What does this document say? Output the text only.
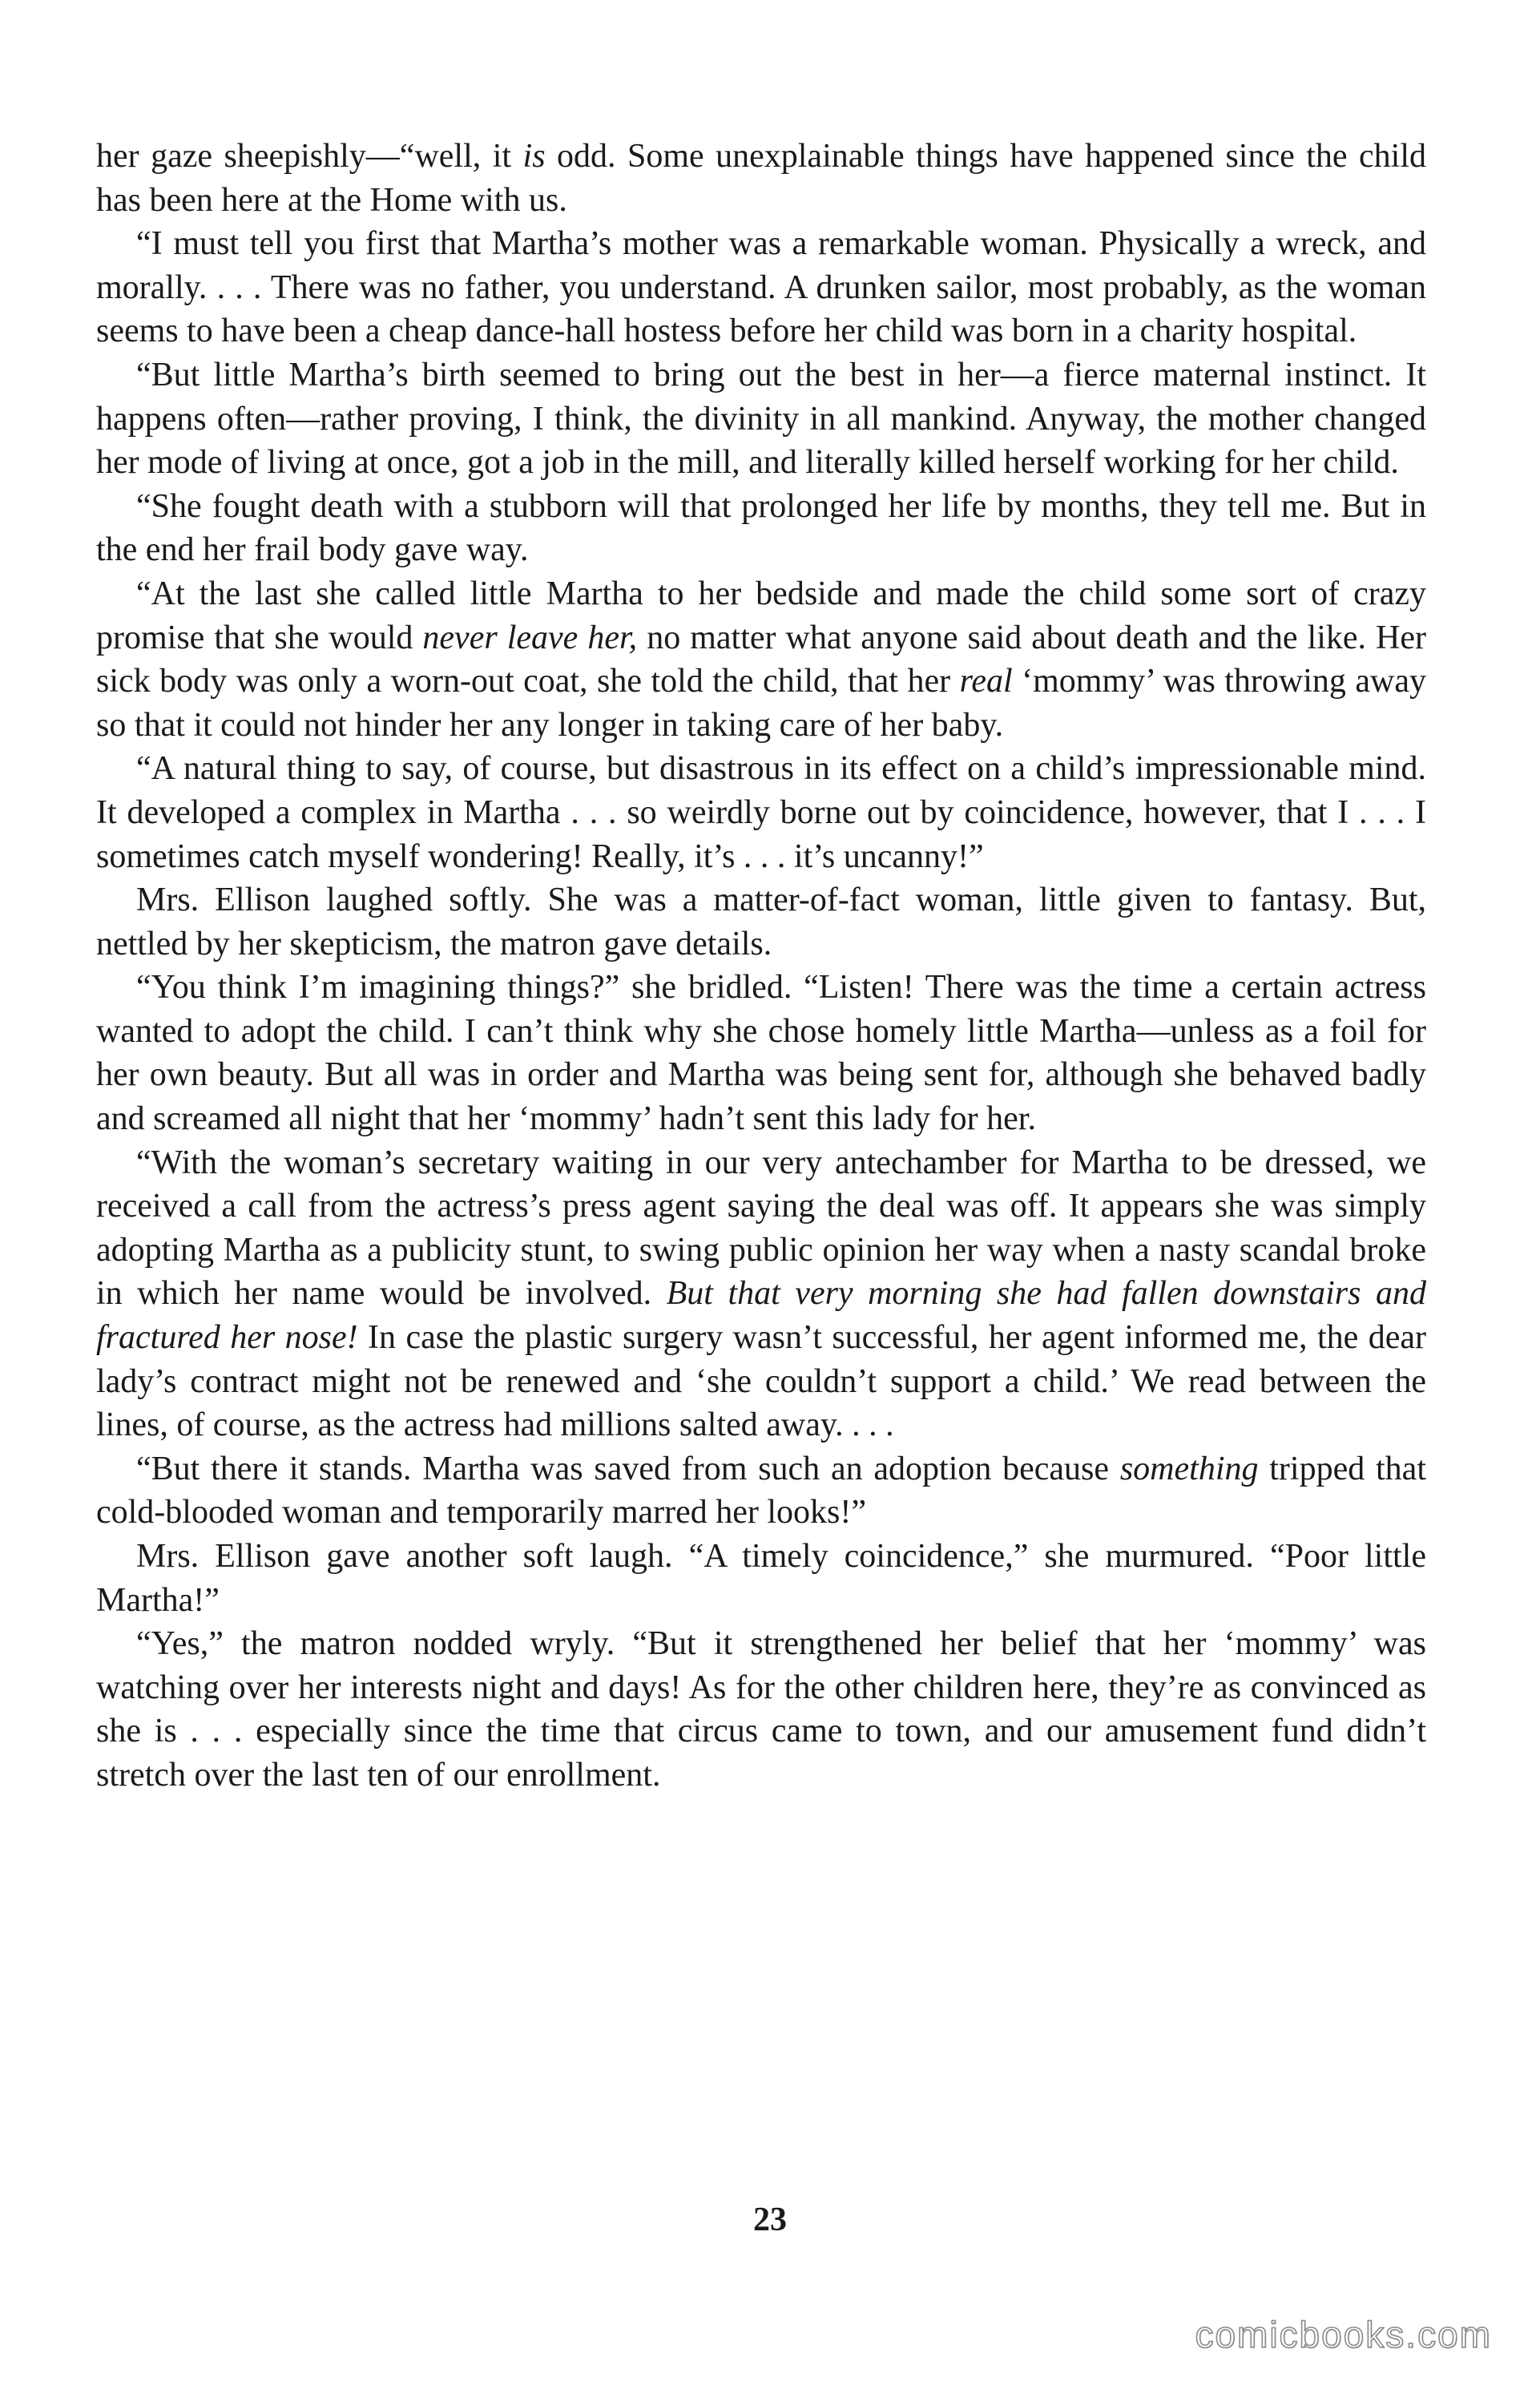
her gaze sheepishly—“well, it is odd. Some unexplainable things have happened since the child has been here at the Home with us.

“I must tell you first that Martha’s mother was a remarkable woman. Physically a wreck, and morally. . . . There was no father, you understand. A drunken sailor, most probably, as the woman seems to have been a cheap dance-hall hostess before her child was born in a charity hospital.

“But little Martha’s birth seemed to bring out the best in her—a fierce maternal instinct. It happens often—rather proving, I think, the divinity in all mankind. Anyway, the mother changed her mode of living at once, got a job in the mill, and literally killed herself working for her child.

“She fought death with a stubborn will that prolonged her life by months, they tell me. But in the end her frail body gave way.

“At the last she called little Martha to her bedside and made the child some sort of crazy promise that she would never leave her, no matter what anyone said about death and the like. Her sick body was only a worn-out coat, she told the child, that her real ‘mommy’ was throwing away so that it could not hinder her any longer in taking care of her baby.

“A natural thing to say, of course, but disastrous in its effect on a child’s impressionable mind. It developed a complex in Martha . . . so weirdly borne out by coincidence, however, that I . . . I sometimes catch myself wondering! Really, it’s . . . it’s uncanny!”

Mrs. Ellison laughed softly. She was a matter-of-fact woman, little given to fantasy. But, nettled by her skepticism, the matron gave details.

“You think I’m imagining things?” she bridled. “Listen! There was the time a certain actress wanted to adopt the child. I can’t think why she chose homely little Martha—unless as a foil for her own beauty. But all was in order and Martha was being sent for, although she behaved badly and screamed all night that her ‘mommy’ hadn’t sent this lady for her.

“With the woman’s secretary waiting in our very antechamber for Martha to be dressed, we received a call from the actress’s press agent saying the deal was off. It appears she was simply adopting Martha as a publicity stunt, to swing public opinion her way when a nasty scandal broke in which her name would be involved. But that very morning she had fallen downstairs and fractured her nose! In case the plastic surgery wasn’t successful, her agent informed me, the dear lady’s contract might not be renewed and ‘she couldn’t support a child.’ We read between the lines, of course, as the actress had millions salted away. . . .

“But there it stands. Martha was saved from such an adoption because something tripped that cold-blooded woman and temporarily marred her looks!”

Mrs. Ellison gave another soft laugh. “A timely coincidence,” she murmured. “Poor little Martha!”

“Yes,” the matron nodded wryly. “But it strengthened her belief that her ‘mommy’ was watching over her interests night and days! As for the other children here, they’re as convinced as she is . . . especially since the time that circus came to town, and our amusement fund didn’t stretch over the last ten of our enrollment.

23
comicbooks.com
